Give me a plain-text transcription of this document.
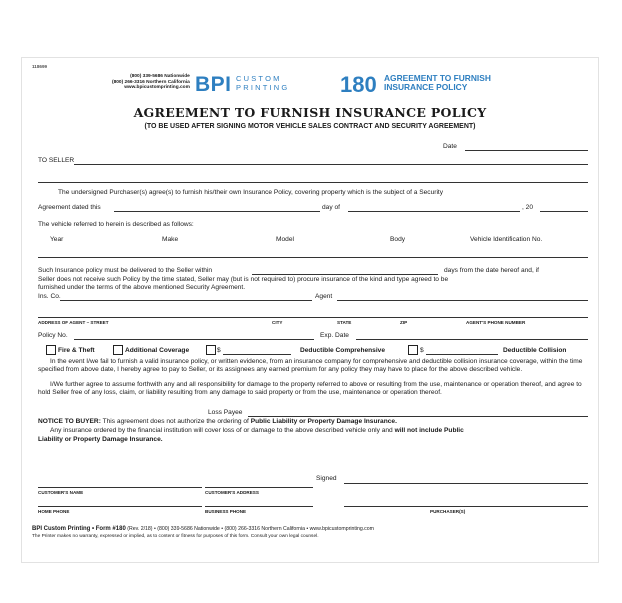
118699
(800) 339-5686 Nationwide
(800) 266-3316 Northern California
www.bpicustomprinting.com BPI CUSTOM
PRINTING 180 AGREEMENT TO FURNISH
INSURANCE POLICY
AGREEMENT TO FURNISH INSURANCE POLICY
(TO BE USED AFTER SIGNING MOTOR VEHICLE SALES CONTRACT AND SECURITY AGREEMENT)
Date
TO SELLER
The undersigned Purchaser(s) agree(s) to furnish his/their own Insurance Policy, covering property which is the subject of a Security
Agreement dated this	day of	, 20
The vehicle referred to herein is described as follows:
Year	Make	Model	Body	Vehicle Identification No.
Such Insurance policy must be delivered to the Seller within	days from the date hereof and, if
Seller does not receive such Policy by the time stated, Seller may (but is not required to) procure insurance of the kind and type agreed to be
furnished under the terms of the above mentioned Security Agreement.
Ins. Co.	Agent
ADDRESS OF AGENT – STREET	CITY	STATE	ZIP	AGENT'S PHONE NUMBER
Policy No.	Exp. Date
Fire & Theft	Additional Coverage	$	Deductible Comprehensive	$	Deductible Collision
In the event I/we fail to furnish a valid insurance policy, or written evidence, from an insurance company for comprehensive and deductible collision insurance coverage, within the time specified from above date, I hereby agree to pay to Seller, or its assignees any earned premium for any policy they may have to place for the above described vehicle.
I/We further agree to assume forthwith any and all responsibility for damage to the property referred to above or resulting from the use, maintenance or operation thereof, and agree to hold Seller free of any loss, claim, or liability resulting from any damage to said property or from the use, maintenance or operation thereof.
Loss Payee
NOTICE TO BUYER: This agreement does not authorize the ordering of Public Liability or Property Damage Insurance.
Any insurance ordered by the financial institution will cover loss of or damage to the above described vehicle only and will not include Public
Liability or Property Damage Insurance.
Signed
CUSTOMER'S NAME	CUSTOMER'S ADDRESS
HOME PHONE	BUSINESS PHONE	PURCHASER(S)
BPI Custom Printing • Form #180 (Rev. 2/18) • (800) 339-5686 Nationwide • (800) 266-3316 Northern California • www.bpicustomprinting.com
The Printer makes no warranty, expressed or implied, as to content or fitness for purposes of this form. Consult your own legal counsel.
